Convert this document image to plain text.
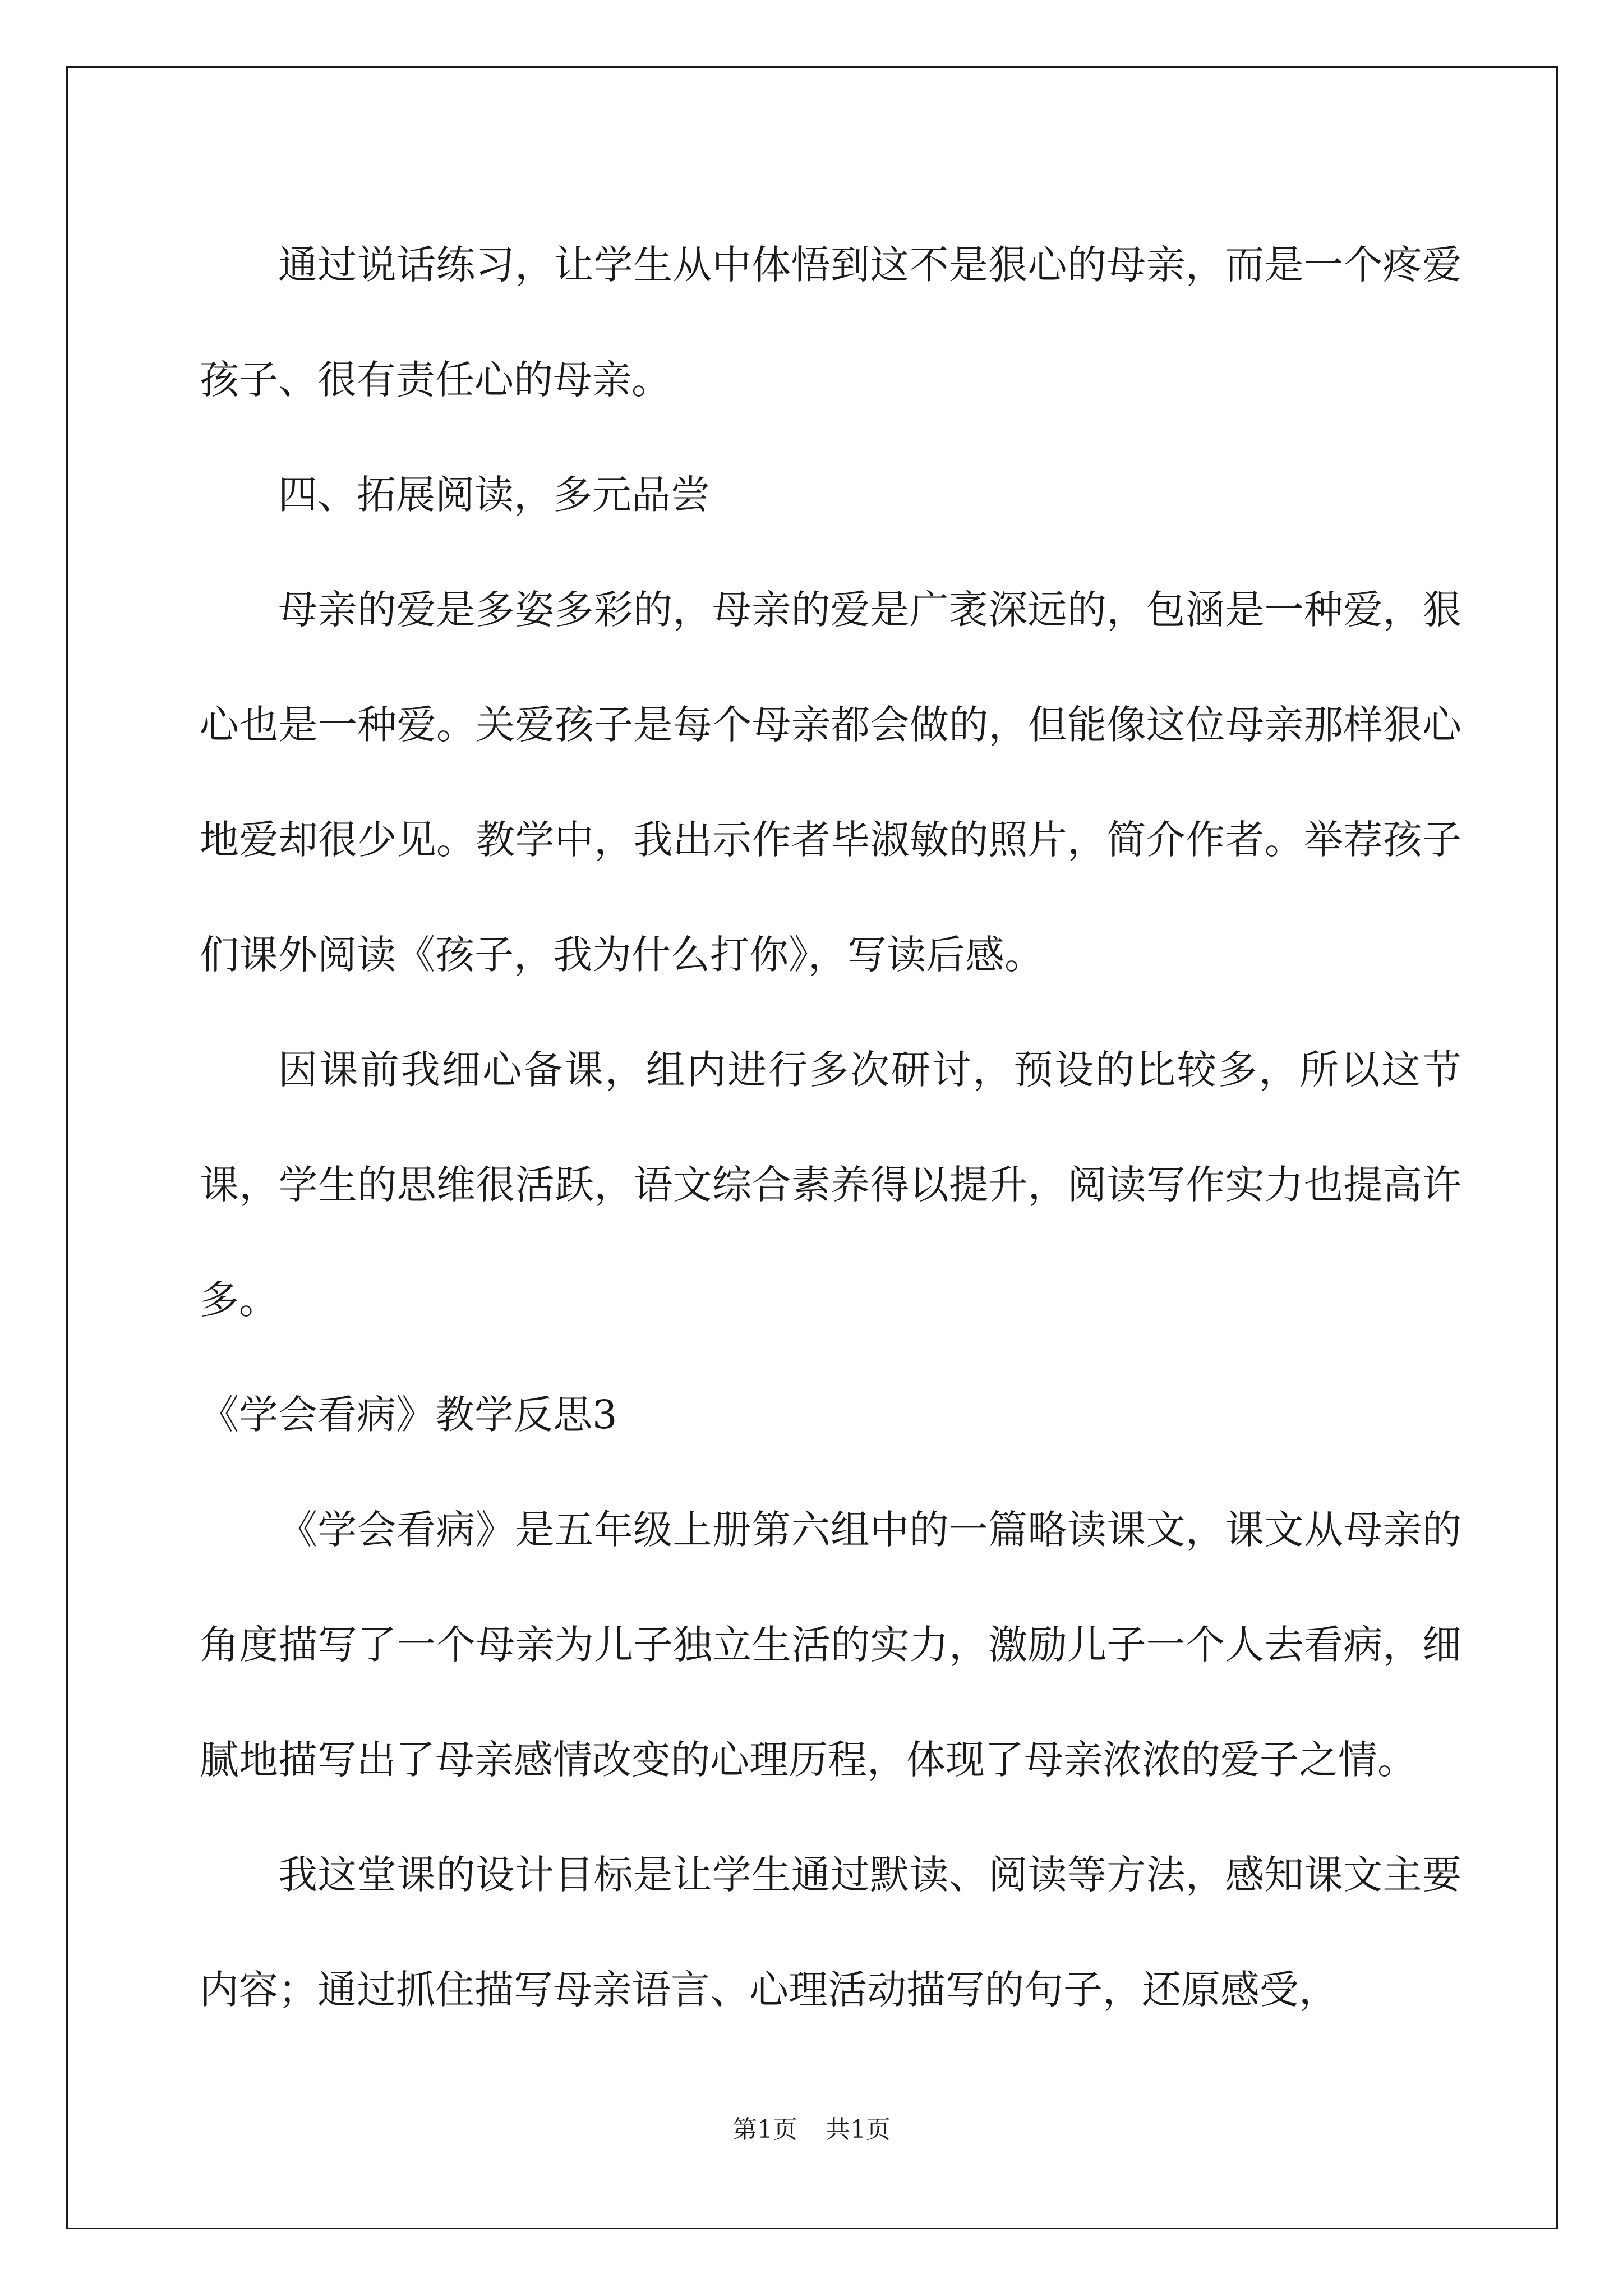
通过说话练习，让学生从中体悟到这不是狠心的母亲，而是一个疼爱孩子、很有责任心的母亲。

四、拓展阅读，多元品尝

母亲的爱是多姿多彩的，母亲的爱是广袤深远的，包涵是一种爱，狠心也是一种爱。关爱孩子是每个母亲都会做的，但能像这位母亲那样狠心地爱却很少见。教学中，我出示作者毕淑敏的照片，简介作者。举荐孩子们课外阅读《孩子，我为什么打你》，写读后感。

因课前我细心备课，组内进行多次研讨，预设的比较多，所以这节课，学生的思维很活跃，语文综合素养得以提升，阅读写作实力也提高许多。

《学会看病》教学反思3

《学会看病》是五年级上册第六组中的一篇略读课文，课文从母亲的角度描写了一个母亲为儿子独立生活的实力，激励儿子一个人去看病，细腻地描写出了母亲感情改变的心理历程，体现了母亲浓浓的爱子之情。

我这堂课的设计目标是让学生通过默读、阅读等方法，感知课文主要内容；通过抓住描写母亲语言、心理活动描写的句子，还原感受，

第1页 共1页
